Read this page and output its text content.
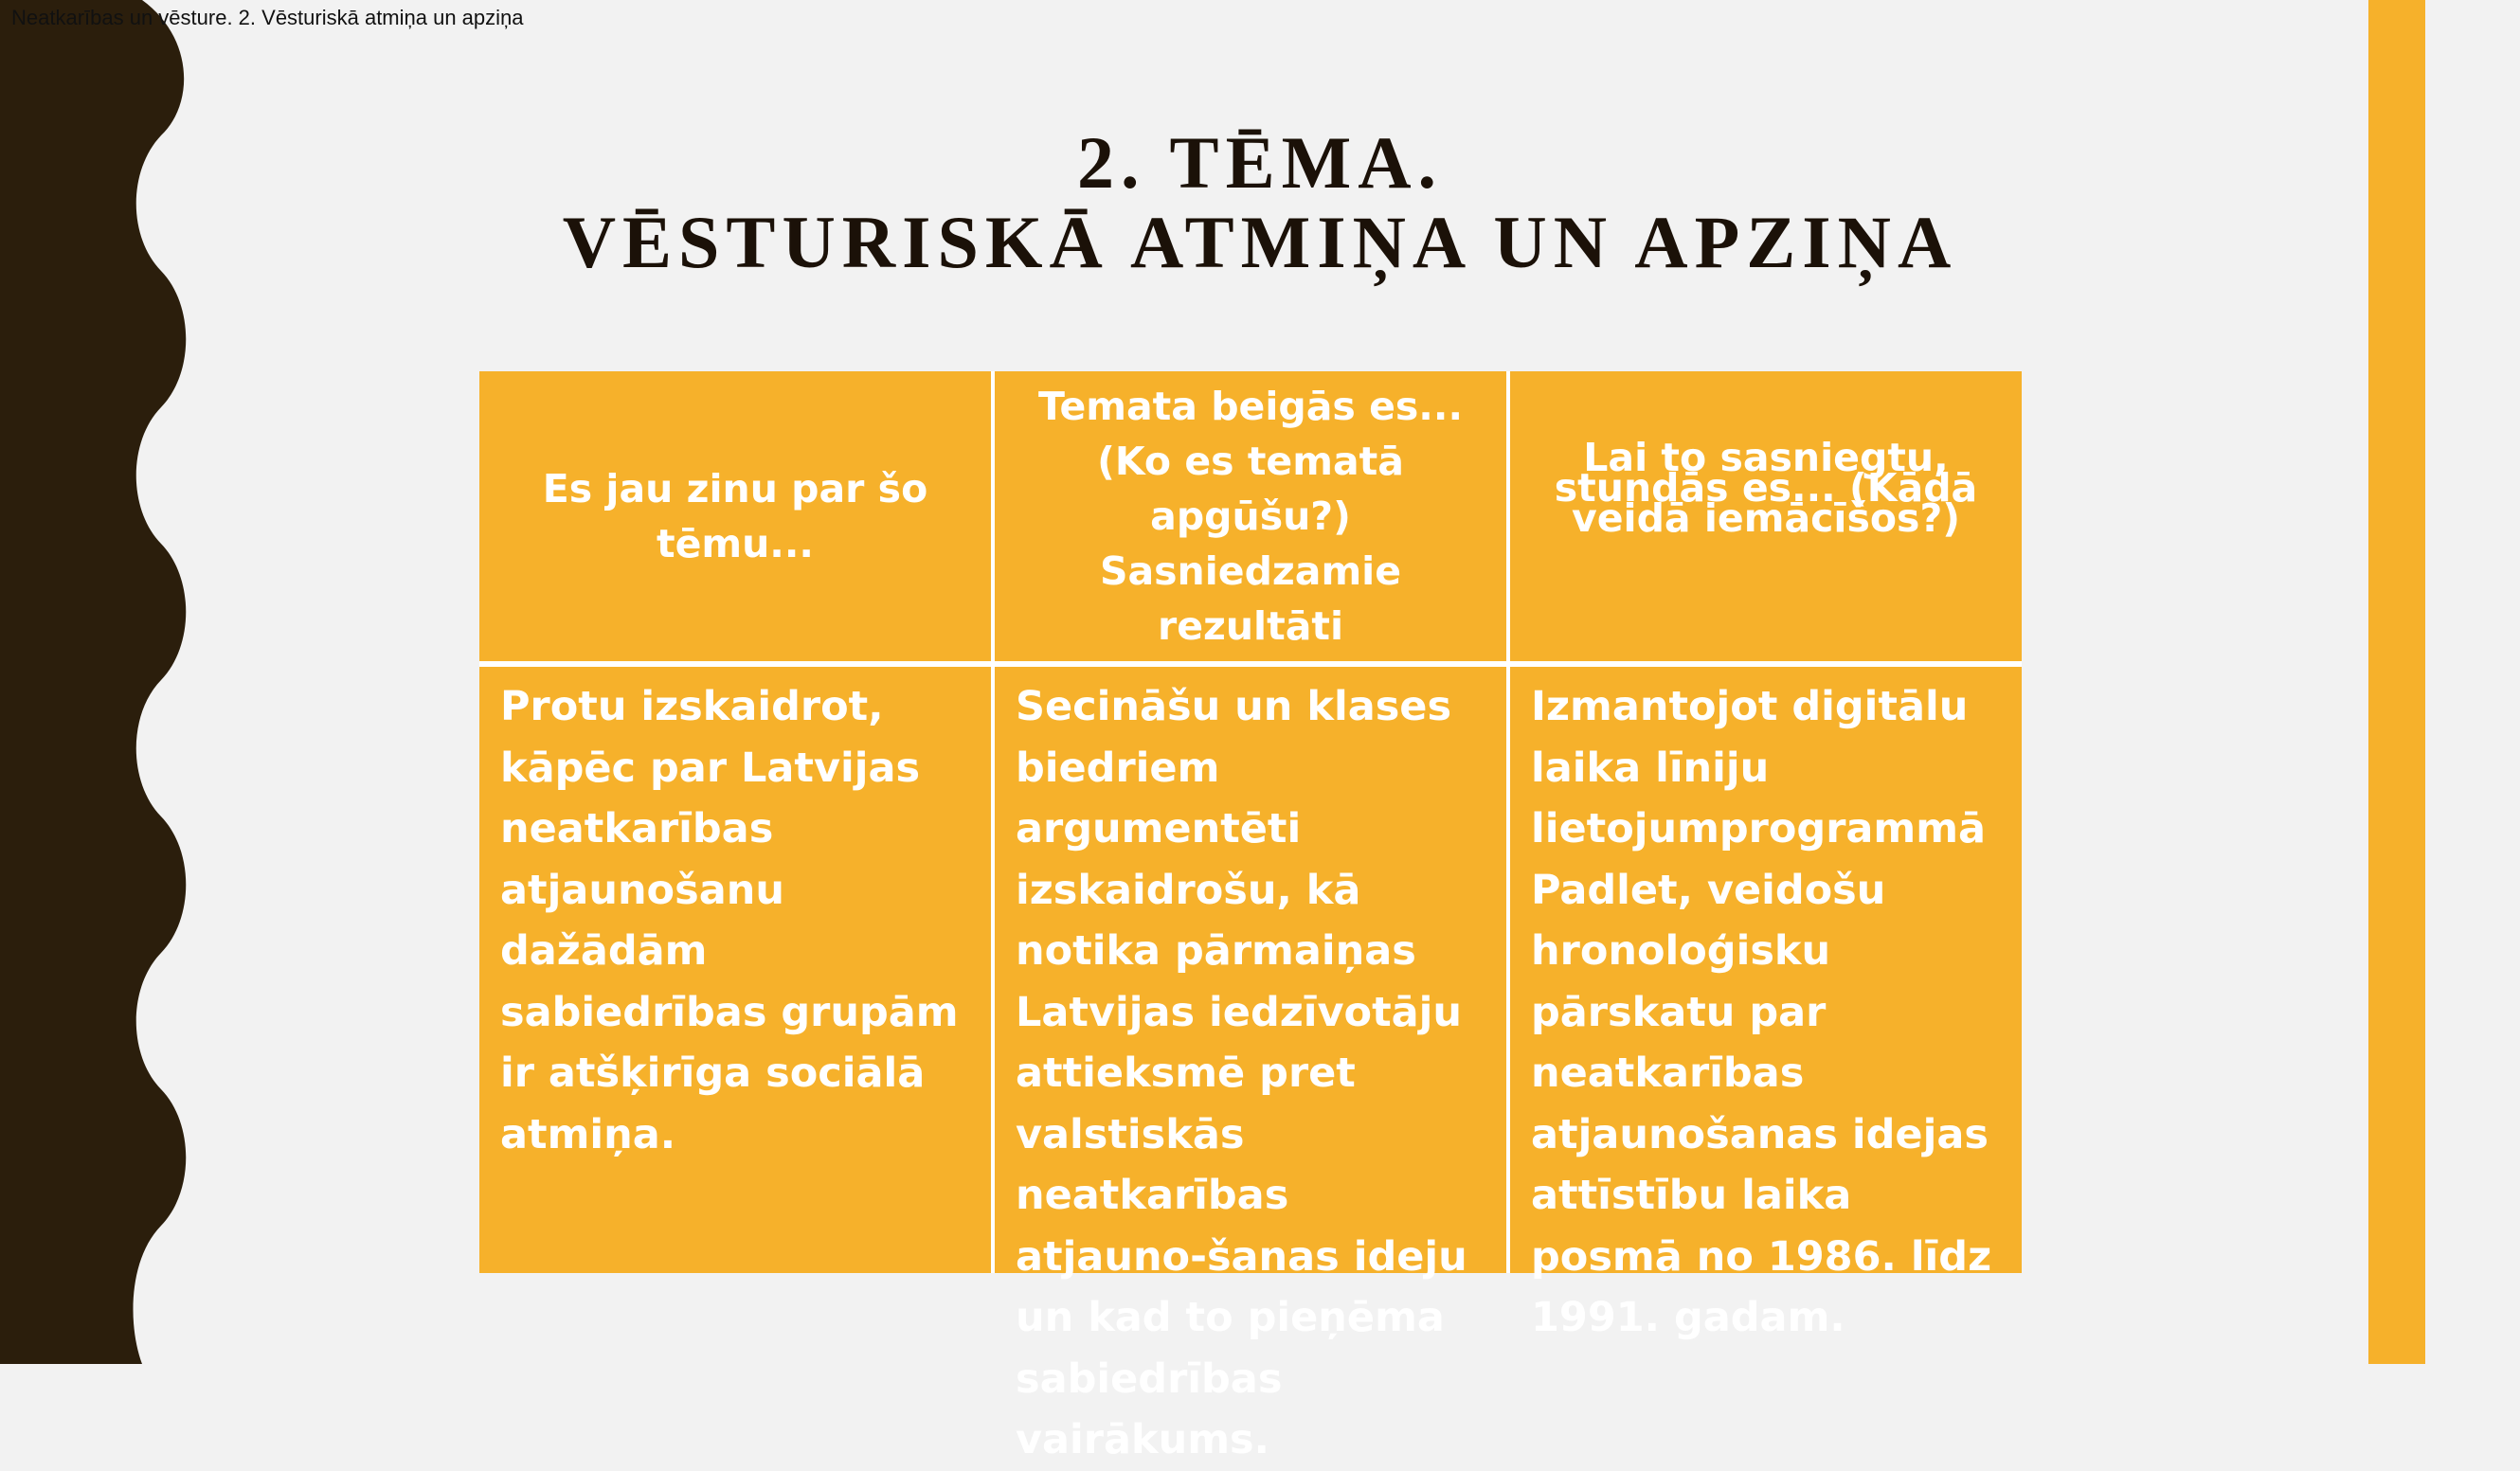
Neatkarības un vēsture. 2. Vēsturiskā atmiņa un apziņa
2. TĒMA.
VĒSTURISKĀ ATMIŅA UN APZIŅA
Es jau zinu par šo tēmu...
Temata beigās es... (Ko es tematā apgūšu?) Sasniedzamie rezultāti
Lai to sasniegtu, stundās es... (Kādā veidā iemācīšos?)
Protu izskaidrot, kāpēc par Latvijas neatkarības atjaunošanu dažādām sabiedrības grupām ir atšķirīga sociālā atmiņa.
Secināšu un klases biedriem argumentēti izskaidrošu, kā notika pārmaiņas Latvijas iedzīvotāju attieksmē pret valstiskās neatkarības atjauno-šanas ideju un kad to pieņēma sabiedrības vairākums.
Izmantojot digitālu laika līniju lietojumprogrammā Padlet, veidošu hronoloģisku pārskatu par neatkarības atjaunošanas idejas attīstību laika posmā no 1986. līdz 1991. gadam.
